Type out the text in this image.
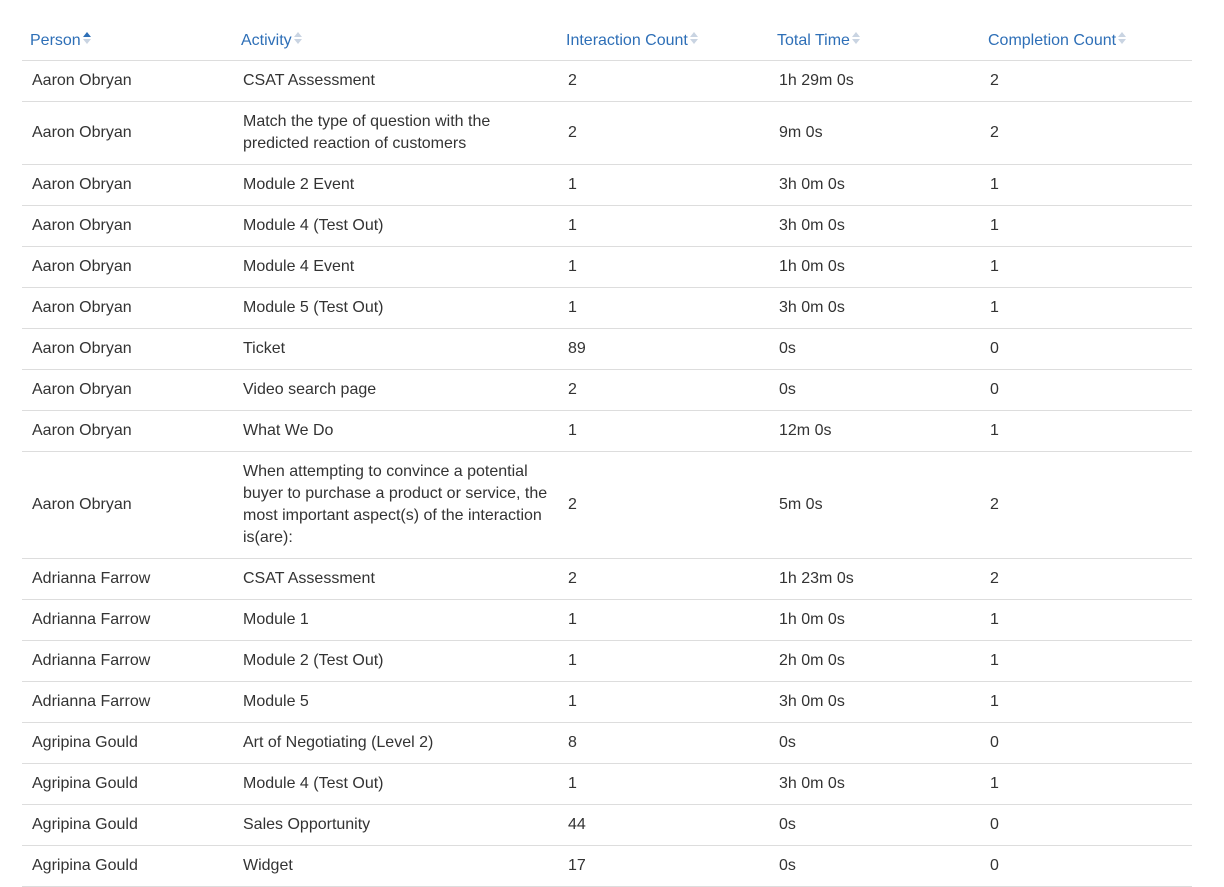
Person	Activity	Interaction Count	Total Time	Completion Count

Aaron Obryan	CSAT Assessment	2	1h 29m 0s	2
Aaron Obryan	Match the type of question with the predicted reaction of customers	2	9m 0s	2
Aaron Obryan	Module 2 Event	1	3h 0m 0s	1
Aaron Obryan	Module 4 (Test Out)	1	3h 0m 0s	1
Aaron Obryan	Module 4 Event	1	1h 0m 0s	1
Aaron Obryan	Module 5 (Test Out)	1	3h 0m 0s	1
Aaron Obryan	Ticket	89	0s	0
Aaron Obryan	Video search page	2	0s	0
Aaron Obryan	What We Do	1	12m 0s	1
Aaron Obryan	When attempting to convince a potential buyer to purchase a product or service, the most important aspect(s) of the interaction is(are):	2	5m 0s	2
Adrianna Farrow	CSAT Assessment	2	1h 23m 0s	2
Adrianna Farrow	Module 1	1	1h 0m 0s	1
Adrianna Farrow	Module 2 (Test Out)	1	2h 0m 0s	1
Adrianna Farrow	Module 5	1	3h 0m 0s	1
Agripina Gould	Art of Negotiating (Level 2)	8	0s	0
Agripina Gould	Module 4 (Test Out)	1	3h 0m 0s	1
Agripina Gould	Sales Opportunity	44	0s	0
Agripina Gould	Widget	17	0s	0
